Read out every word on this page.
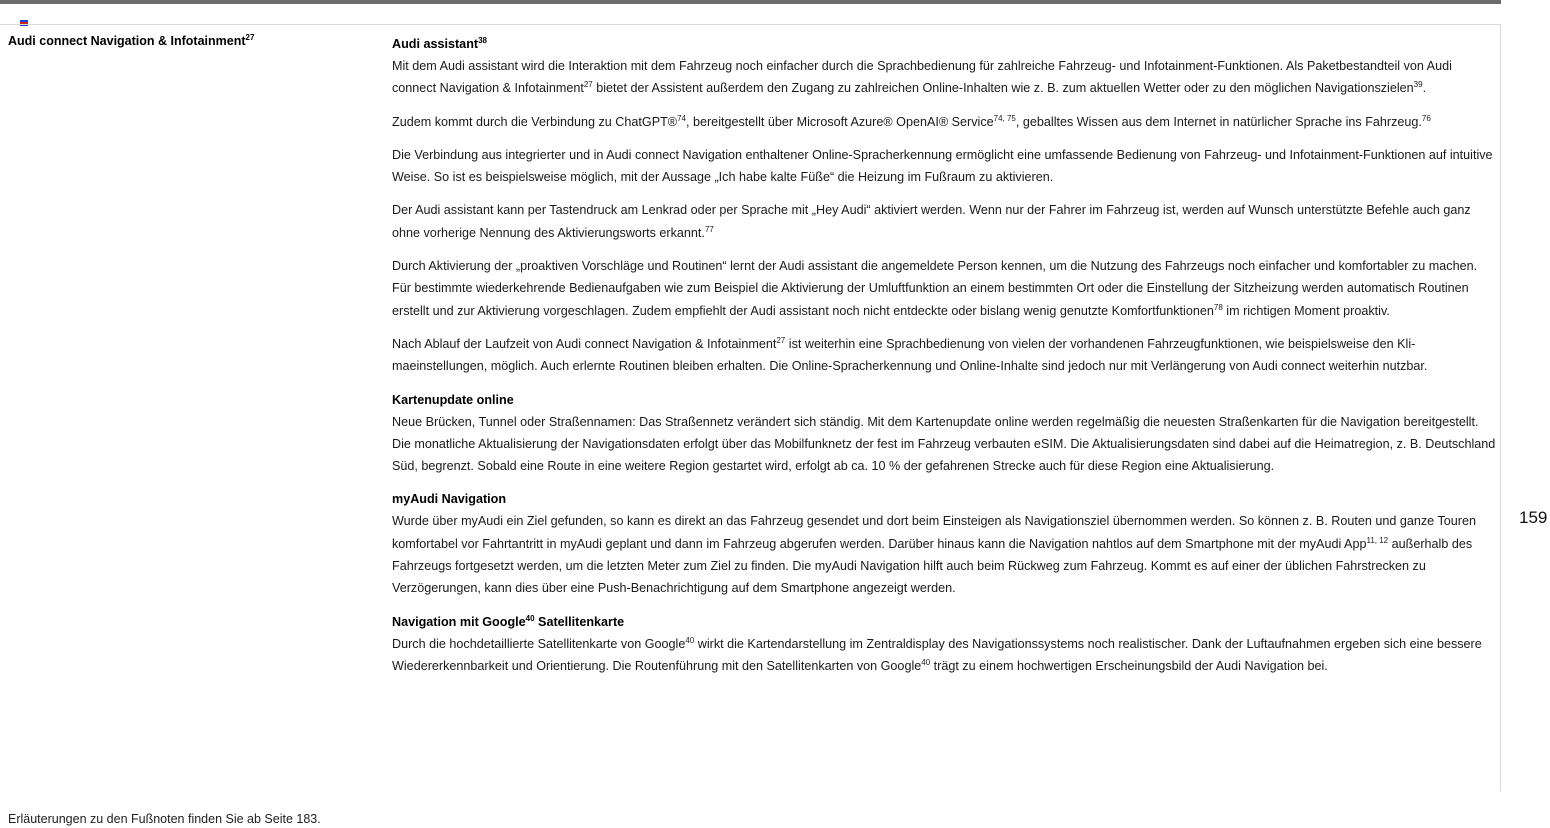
Audi connect Navigation & Infotainment$^{27}$	Audi assistant$^{38}$

Mit dem Audi assistant wird die Interaktion mit dem Fahrzeug noch einfacher durch die Sprachbedienung für zahlreiche Fahrzeug- und Infotainment-Funktionen. Als Paketbestandteil von Audi connect Navigation & Infotainment$^{27}$ bietet der Assistent außerdem den Zugang zu zahlreichen Online-Inhalten wie z. B. zum aktuellen Wetter oder zu den möglichen Navigationszielen$^{39}$.

Zudem kommt durch die Verbindung zu ChatGPT®$^{74}$, bereitgestellt über Microsoft Azure® OpenAI® Service$^{74, 75}$, geballtes Wissen aus dem Internet in natürlicher Sprache ins Fahrzeug.$^{76}$

Die Verbindung aus integrierter und in Audi connect Navigation enthaltener Online-Spracherkennung ermöglicht eine umfassende Bedienung von Fahrzeug- und Infotainment-Funktionen auf intuitive Weise. So ist es beispielsweise möglich, mit der Aussage „Ich habe kalte Füße“ die Heizung im Fußraum zu aktivieren.

Der Audi assistant kann per Tastendruck am Lenkrad oder per Sprache mit „Hey Audi“ aktiviert werden. Wenn nur der Fahrer im Fahrzeug ist, werden auf Wunsch unterstützte Befehle auch ganz ohne vorherige Nennung des Aktivierungsworts erkannt.$^{77}$

Durch Aktivierung der „proaktiven Vorschläge und Routinen“ lernt der Audi assistant die angemeldete Person kennen, um die Nutzung des Fahrzeugs noch einfacher und komfortabler zu machen. Für bestimmte wiederkehrende Bedienaufgaben wie zum Beispiel die Aktivierung der Umluftfunktion an einem bestimmten Ort oder die Einstellung der Sitzheizung werden automatisch Routinen erstellt und zur Aktivierung vorgeschlagen. Zudem empfiehlt der Audi assistant noch nicht entdeckte oder bislang wenig genutzte Komfortfunktionen$^{78}$ im richtigen Moment proaktiv.

Nach Ablauf der Laufzeit von Audi connect Navigation & Infotainment$^{27}$ ist weiterhin eine Sprachbedienung von vielen der vorhandenen Fahrzeugfunktionen, wie beispielsweise den Klimaeinstellungen, möglich. Auch erlernte Routinen bleiben erhalten. Die Online-Spracherkennung und Online-Inhalte sind jedoch nur mit Verlängerung von Audi connect weiterhin nutzbar.

Kartenupdate online

Neue Brücken, Tunnel oder Straßennamen: Das Straßennetz verändert sich ständig. Mit dem Kartenupdate online werden regelmäßig die neuesten Straßenkarten für die Navigation bereitgestellt. Die monatliche Aktualisierung der Navigationsdaten erfolgt über das Mobilfunknetz der fest im Fahrzeug verbauten eSIM. Die Aktualisierungsdaten sind dabei auf die Heimatregion, z. B. Deutschland Süd, begrenzt. Sobald eine Route in eine weitere Region gestartet wird, erfolgt ab ca. 10 % der gefahrenen Strecke auch für diese Region eine Aktualisierung.

myAudi Navigation

Wurde über myAudi ein Ziel gefunden, so kann es direkt an das Fahrzeug gesendet und dort beim Einsteigen als Navigationsziel übernommen werden. So können z. B. Routen und ganze Touren komfortabel vor Fahrtantritt in myAudi geplant und dann im Fahrzeug abgerufen werden. Darüber hinaus kann die Navigation nahtlos auf dem Smartphone mit der myAudi App$^{11, 12}$ außerhalb des Fahrzeugs fortgesetzt werden, um die letzten Meter zum Ziel zu finden. Die myAudi Navigation hilft auch beim Rückweg zum Fahrzeug. Kommt es auf einer der üblichen Fahrstrecken zu Verzögerungen, kann dies über eine Push-Benachrichtigung auf dem Smartphone angezeigt werden.

Navigation mit Google$^{40}$ Satellitenkarte

Durch die hochdetaillierte Satellitenkarte von Google$^{40}$ wirkt die Kartendarstellung im Zentraldisplay des Navigationssystems noch realistischer. Dank der Luftaufnahmen ergeben sich eine bessere Wiedererkennbarkeit und Orientierung. Die Routenführung mit den Satellitenkarten von Google$^{40}$ trägt zu einem hochwertigen Erscheinungsbild der Audi Navigation bei.

159
Erläuterungen zu den Fußnoten finden Sie ab Seite 183.
